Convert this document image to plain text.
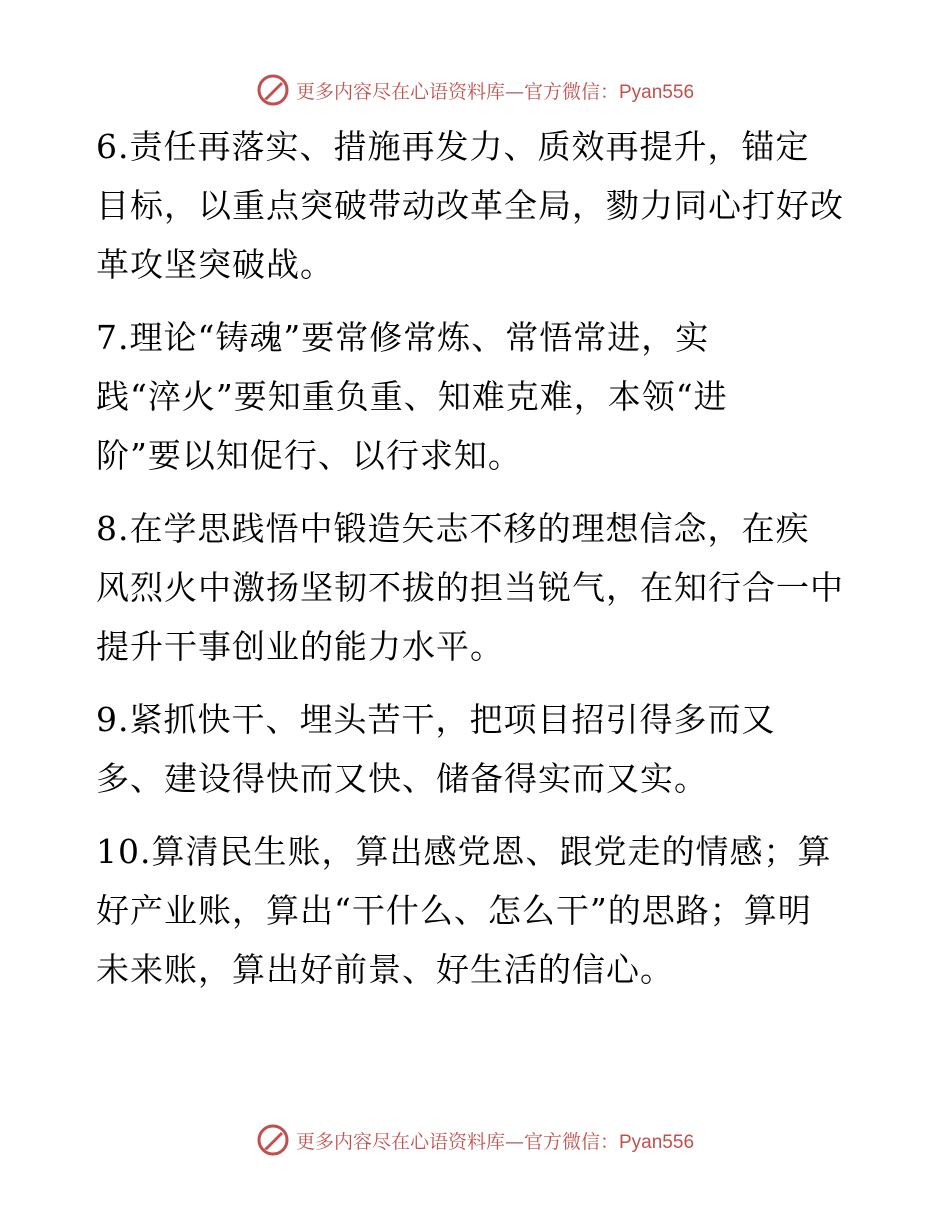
更多内容尽在心语资料库—官方微信：Pyan556

6.责任再落实、措施再发力、质效再提升，锚定
目标，以重点突破带动改革全局，勠力同心打好改
革攻坚突破战。

7.理论“铸魂”要常修常炼、常悟常进，实
践“淬火”要知重负重、知难克难，本领“进
阶”要以知促行、以行求知。

8.在学思践悟中锻造矢志不移的理想信念，在疾
风烈火中激扬坚韧不拔的担当锐气，在知行合一中
提升干事创业的能力水平。

9.紧抓快干、埋头苦干，把项目招引得多而又
多、建设得快而又快、储备得实而又实。

10.算清民生账，算出感党恩、跟党走的情感；算
好产业账，算出“干什么、怎么干”的思路；算明
未来账，算出好前景、好生活的信心。

更多内容尽在心语资料库—官方微信：Pyan556
